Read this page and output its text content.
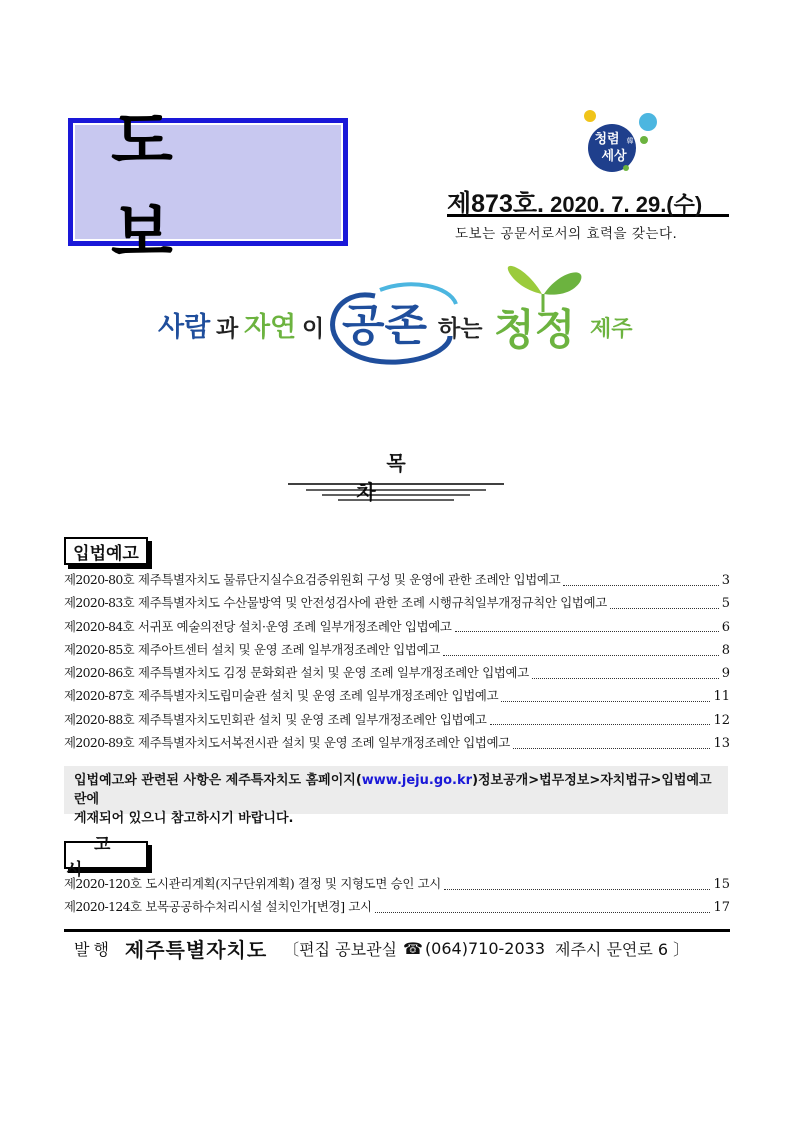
도 보
청렴 韓
세상
제873호. 2020. 7. 29.(수)
도보는 공문서로서의 효력을 갖는다.
사람 과 자연 이 공존 하는 청정 제주
목차
입법예고
제2020-80호 제주특별자치도 물류단지실수요검증위원회 구성 및 운영에 관한 조례안 입법예고	3
제2020-83호 제주특별자치도 수산물방역 및 안전성검사에 관한 조례 시행규칙일부개정규칙안 입법예고	5
제2020-84호 서귀포 예술의전당 설치·운영 조례 일부개정조례안 입법예고	6
제2020-85호 제주아트센터 설치 및 운영 조례 일부개정조례안 입법예고	8
제2020-86호 제주특별자치도 김정 문화회관 설치 및 운영 조례 일부개정조례안 입법예고	9
제2020-87호 제주특별자치도립미술관 설치 및 운영 조례 일부개정조례안 입법예고	11
제2020-88호 제주특별자치도민회관 설치 및 운영 조례 일부개정조례안 입법예고	12
제2020-89호 제주특별자치도서복전시관 설치 및 운영 조례 일부개정조례안 입법예고	13
입법예고와 관련된 사항은 제주특자치도 홈페이지(www.jeju.go.kr)정보공개>법무정보>자치법규>입법예고 란에
게재되어 있으니 참고하시기 바랍니다.
고시
제2020-120호 도시관리계획(지구단위계획) 결정 및 지형도면 승인 고시	15
제2020-124호 보목공공하수처리시설 설치인가[변경] 고시	17
발행 제주특별자치도 〔편집 공보관실 ☎ (064)710-2033 제주시 문연로 6 〕
